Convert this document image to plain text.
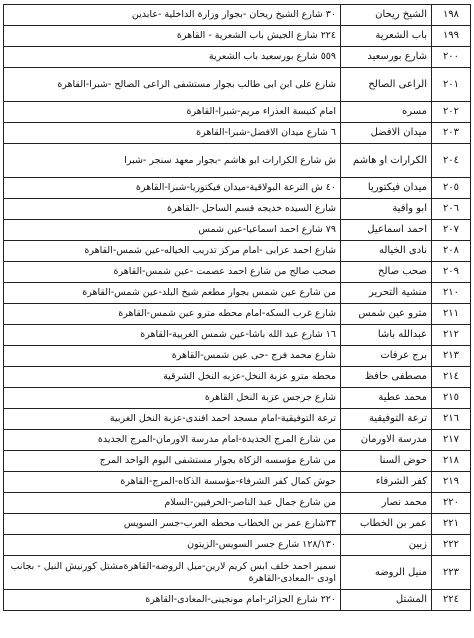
١٩٨	الشيخ ريحان	٣٠ شارع الشيخ ريحان -بجوار وزارة الداخلية -عابدين
١٩٩	باب الشعرية	٢٢٤ شارع الجيش باب الشعرية - القاهرة
٢٠٠	شارع بورسعيد	٥٥٩ شارع بورسعيد باب الشعرية
٢٠١	الراعى الصالح	شارع على ابن ابى طالب بجوار مستشفى الراعى الصالح -شبرا-القاهرة
٢٠٢	مسره	امام كنيسة العذراء مريم-شبرا-القاهرة
٢٠٣	ميدان الافضل	٦ شارع ميدان الافضل-شبرا-القاهرة
٢٠٤	الكرارات او هاشم	ش شارع الكرارات ابو هاشم -بجوار معهد سنجر -شبرا
٢٠٥	ميدان فيكتوريا	٤٠ ش الترعة البولاقية-ميدان فيكتوريا-شبرا-القاهرة
٢٠٦	ابو وافية	شارع السيده خديجه قسم الساحل -القاهرة
٢٠٧	احمد اسماعيل	٧٩ شارع احمد اسماعيا-عين شمس
٢٠٨	نادى الخياله	شارع احمد عرابى -امام مركز تدريب الخياله-عين شمس-القاهرة
٢٠٩	صحب صالح	صحب صالح من شارع احمد عصمت -عين شمس-القاهرة
٢١٠	منشية التحرير	من شارع عين شمس بجوار مطعم شيخ البلد-عين شمس-القاهرة
٢١١	مترو عين شمس	شارع غرب السكه-امام محطه مترو عين شمس-القاهرة
٢١٢	عبدالله باشا	١٦ شارع عبد الله باشا-عين شمس الغربية-القاهرة
٢١٣	برج عرفات	شارع محمد فرج -حى عين شمس-القاهرة
٢١٤	مصطفى حافظ	محطه مترو عزبة النخل-عزبه النخل الشرقية
٢١٥	محمد عطية	شارع جرجس عزبة النخل القاهرة
٢١٦	ترعة التوفيقية	ترعة التوفيقية-امام مسجد احمد افندى-عزبة النخل الغربية
٢١٧	مدرسة الاورمان	من شارع المرج الجديدة-امام مدرسة الاورمان-المرج الجديدة
٢١٨	حوض السنا	من شارع مؤسسه الزكاة بجوار مستشفى اليوم الواحد المرج
٢١٩	كفر الشرفاء	حوش كمال كفر الشرفاء-مؤسسة الذكاه-المرج-القاهرة
٢٢٠	محمد نصار	من شارع جمال عبد الناصر-الحرفيين-السلام
٢٢١	عمر بن الخطاب	٣٣شارع عمر بن الخطاب محطه العرب-جسر السويس
٢٢٢	زبين	١٢٨/١٣٠ شارع جسر السويس-الزيتون
٢٢٣	منيل الروضه	سمير احمد خلف ابس كريم لارين-ميل الروضه-القاهرةمشتل كورنيش النيل - بجانب اودى -المعادى-القاهرة
٢٢٤	المشتل	٢٢٠ شارع الجزائر-امام مونجينى-المعادى-القاهرة
